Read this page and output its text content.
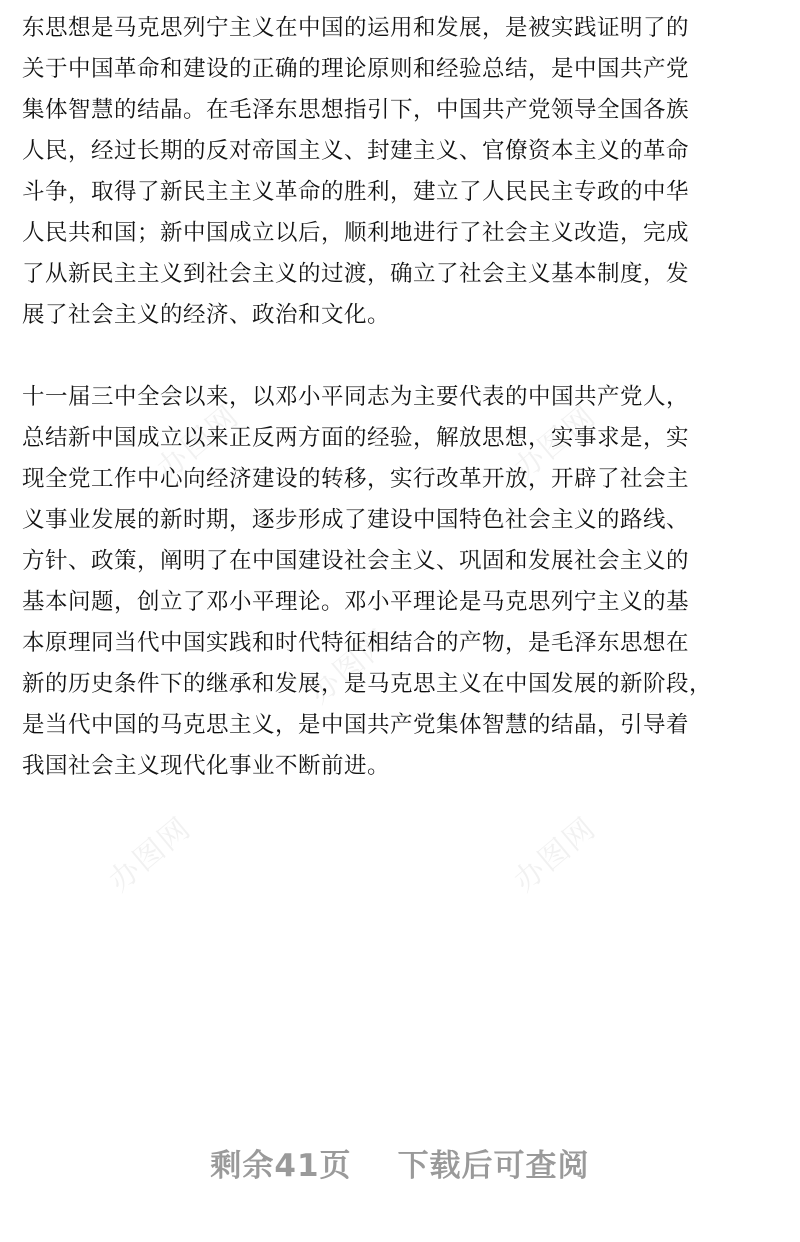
办图网	办图网
办图网
办图网	办图网

东思想是马克思列宁主义在中国的运用和发展，是被实践证明了的
关于中国革命和建设的正确的理论原则和经验总结，是中国共产党
集体智慧的结晶。在毛泽东思想指引下，中国共产党领导全国各族
人民，经过长期的反对帝国主义、封建主义、官僚资本主义的革命
斗争，取得了新民主主义革命的胜利，建立了人民民主专政的中华
人民共和国；新中国成立以后，顺利地进行了社会主义改造，完成
了从新民主主义到社会主义的过渡，确立了社会主义基本制度，发
展了社会主义的经济、政治和文化。

十一届三中全会以来，以邓小平同志为主要代表的中国共产党人，
总结新中国成立以来正反两方面的经验，解放思想，实事求是，实
现全党工作中心向经济建设的转移，实行改革开放，开辟了社会主
义事业发展的新时期，逐步形成了建设中国特色社会主义的路线、
方针、政策，阐明了在中国建设社会主义、巩固和发展社会主义的
基本问题，创立了邓小平理论。邓小平理论是马克思列宁主义的基
本原理同当代中国实践和时代特征相结合的产物，是毛泽东思想在
新的历史条件下的继承和发展，是马克思主义在中国发展的新阶段，
是当代中国的马克思主义，是中国共产党集体智慧的结晶，引导着
我国社会主义现代化事业不断前进。

剩余41页 下载后可查阅
